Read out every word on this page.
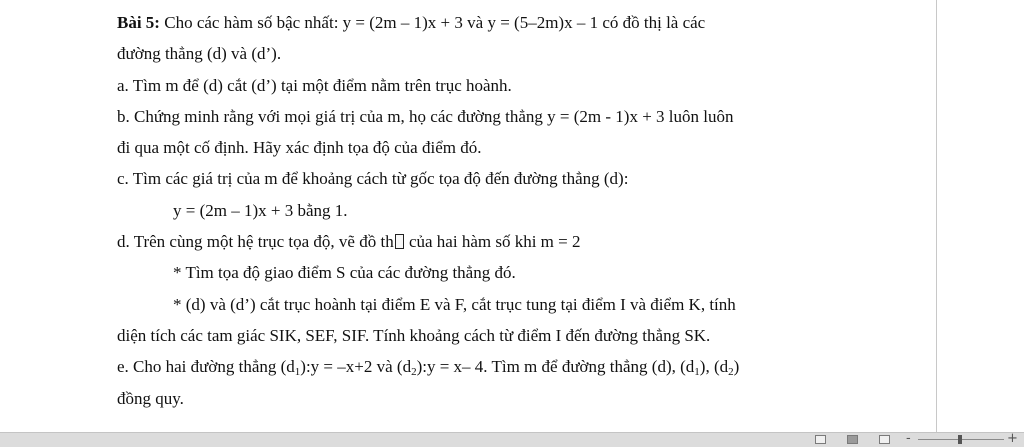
Bài 5: Cho các hàm số bậc nhất: y = (2m – 1)x + 3 và y = (5–2m)x – 1 có đồ thị là các
đường thẳng (d) và (d’).
a. Tìm m để (d) cắt (d’) tại một điểm nằm trên trục hoành.
b. Chứng minh rằng với mọi giá trị của m, họ các đường thẳng y = (2m - 1)x + 3 luôn luôn
đi qua một cố định. Hãy xác định tọa độ của điểm đó.
c. Tìm các giá trị của m để khoảng cách từ gốc tọa độ đến đường thẳng (d):
y = (2m – 1)x + 3 bằng 1.
d. Trên cùng một hệ trục tọa độ, vẽ đồ th của hai hàm số khi m = 2
* Tìm tọa độ giao điểm S của các đường thẳng đó.
* (d) và (d’) cắt trục hoành tại điểm E và F, cắt trục tung tại điểm I và điểm K, tính
diện tích các tam giác SIK, SEF, SIF. Tính khoảng cách từ điểm I đến đường thẳng SK.
e. Cho hai đường thẳng $(d_1):y = -x+2$ và $(d_2):y = x-$ 4. Tìm m để đường thẳng (d), $(d_1)$, $(d_2)$
đồng quy.
-	+
